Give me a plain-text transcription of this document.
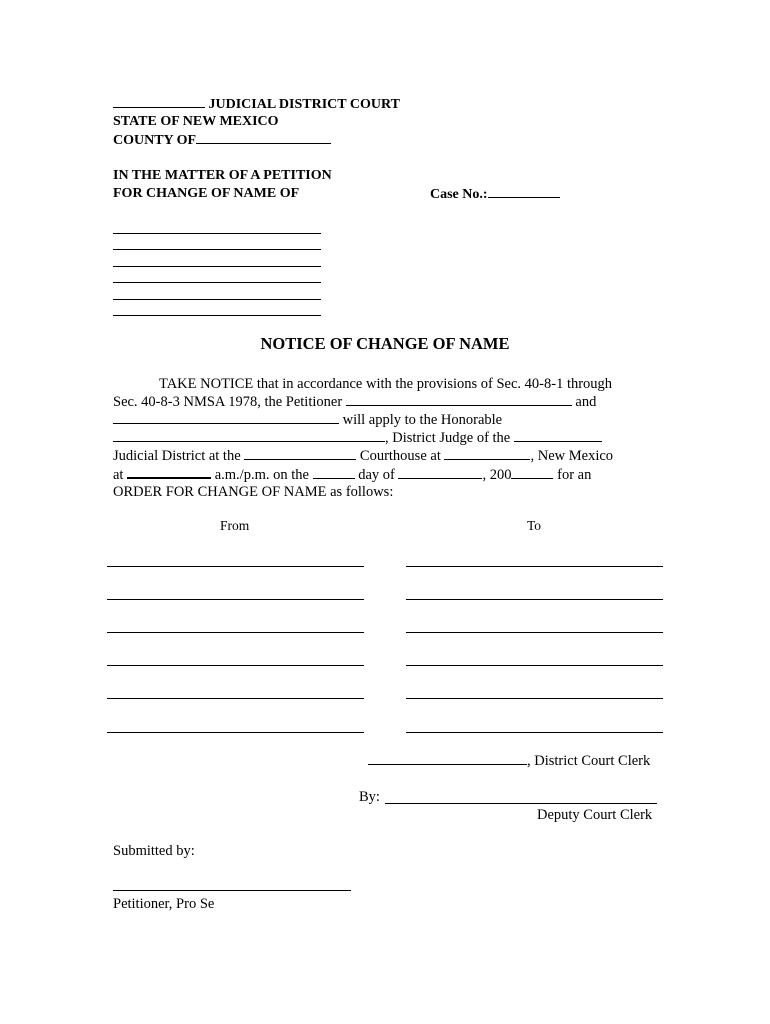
JUDICIAL DISTRICT COURT
STATE OF NEW MEXICO
COUNTY OF
IN THE MATTER OF A PETITION
FOR CHANGE OF NAME OF	Case No.:
NOTICE OF CHANGE OF NAME
TAKE NOTICE that in accordance with the provisions of Sec. 40-8-1 through
Sec. 40-8-3 NMSA 1978, the Petitioner	and
will apply to the Honorable
, District Judge of the
Judicial District at the	Courthouse at	, New Mexico
at	a.m./p.m. on the	day of	, 200	for an
ORDER FOR CHANGE OF NAME as follows:
From	To
, District Court Clerk
By:
Deputy Court Clerk
Submitted by:
Petitioner, Pro Se
